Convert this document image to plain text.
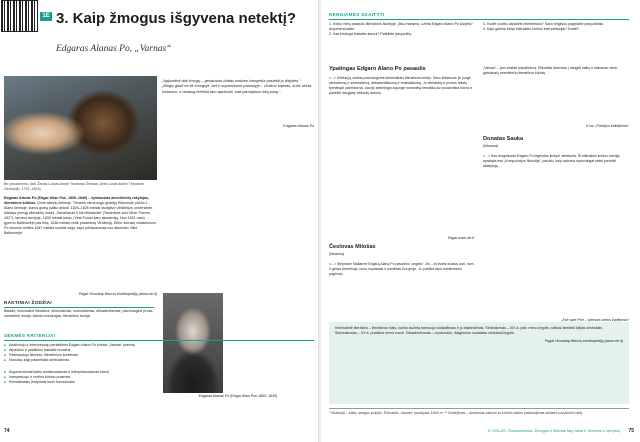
1E 3. Kaip žmogus išgyvena netektį?
Edgaras Alanas Po, „Varnas“
Be pavadinimo; dail. Žanas Luisas Andrė Teodoras Žerikas (Jean Louis André Théodore Géricault), 1791–1824)
„Apjuodinti didį žmogų – geriausias būdas mažam žmogeliui pasiekti jo didybės.“
„Blogis glūdi ne tik žmoguje, bet ir supančiame pasaulyje... Gražus sapnas, kuris virsta košmaru, ir nedaug tereikia tam apsisukti, kad pamatytum kitą pusę.“
Edgaras Alanas Po
Edgaras Alanas Po (Edgar Allan Poe, 1809–1849) – žymiausias amerikiečių rašytojas, literatūros kritikas. Gimė aktorių šeimoje. Tėvams mirus augo globėjų Ričmonde pirklio J. Alano šeimoje, kurios globą paliko anksti. 1825–1826 metais studijavo Virdžinijos universitete. Išleidęs pirmąjį eilėraščių rinkinį „Tamerlanas ir kiti eilėraščiai“ (Tamerlane and Other Poems, 1827), tarnavo armijoje, 1830 metais įstojo į Vest Pointo karo akademiją. Nuo 1831 metų gyveno Baltimorėje pas tetą. 1836 metais vedė pusseserę Virdžiniją. Dirbo žurnalų redaktoriumi. Po žmonos mirties 1847 metais sunkiai sirgo, tapo priklausomas nuo alkoholio. Mirė Baltimorėje.
Pagal Visuotinę lietuvių enciklopediją (www.vle.lt)
Edgaras Alanas Po (Edgar Allan Poe 1809–1849)
RAKTINIAI ŽODŽIAI
Baladė, kriminalinė literatūra, simbolizmas, siurrealizmas, dekadentizmas, psichologinė proza, romantinė ironija, vidinis monologas, literatūros teorija.
SĖKMĖS KRITERIJAI
■ Analizuoju ir interpretuoju perkeltinės Edgaro Alano Po kūrinio „Varnas“ prasmę
■ Atpažįstu ir paaiškinu baladės bruožus
■ Pasinaudoju istoriniu, literatūriniu kontekstu
■ Nurodau kaip pasireiškia simbolizmas
■ Argumentuotai kalbu analizuodamas ir interpretuodamas kūrinį
■ Interpretuoju ir vertinu kūrinio prasmes
■ Remdamasis įrodymais kuriu formuluotes
74
RENGIAMĖS SKAITYTI
1. Kokių vietų pasaulio literatūros istorijoje, jūsų manymu, užima Edgaro Alano Po kūryba? Argumentuokite.
2. Kas būdinga baladės žanrui? Pateikite pavyzdžių.
3. Kodėl svarbu atpažinti intertekstus? Savo teiginius pagrįskite pavyzdžiais.
4. Kaip galima kelyti eilėraščio kūrinio interpretacijai? Kodėl?
Ypatingas Edgaro Alano Po pasaulis
<...> Kritikai ją vadina psichologinės kriminalinės literatūros kūrėju. Savo tekstuose jis jungė simbolizmą ir siurrealizmą, dekadentiškumą ir realistiškumą. Jo eilėraščių ir prozos tekstų tyrinėtojai pabrėžia tai, kad jis sėkmingai sujungė romantinę tematiką su novatoriška forma ir paveikė daugybę vėlesnių autorių.
Pagal www.vle.lt
Česlovas Milošas
(Ištrauka)
<...> Stephane Mallarme Edgarą Alaną Po pavadino „angelu“. Jis – ta šviesi dvasia, kuri, nors ir gimęs Amerikoje, buvo suprastas ir įvertintas Europoje. Jo poetika tapo modernizmo pagrindu.
„Varnas“ – jam atnešė pripažinimą. Eilėraštis išverstas į daugelį kalbų ir laikomas vienu garsiausių amerikiečių literatūros kūrinių.
K.Iso „Poezijos kalbėjimas“
Donatas Sauka
(Ištrauka)
<...> Kas renginiuose Edgaro Po legendos įkvėpti, tebekuria. Ši eilėraščio kūrimo istorija, aprašyta esė „Kompozicijos filosofija“, parodo, kaip autorius sąmoningai siekė paveikti skaitytoją.
„Esė apie Poe – tyliosios sielos žydėjimas“
Kriminalinė literatūra – literatūros rūšis, kurios siužetą formuoja nusikaltimas ir jo atskleidimas. Simbolizmas – XIX a. pab. meno kryptis, siekusi išreikšti idėjas simboliais. Siurrealizmas – XX a. pradžios meno srovė. Dekadentizmas – nuosmukio, išsigimimo nuotaikas reiškianti kryptis.
Pagal Visuotinę lietuvių enciklopediją (www.vle.lt)
* Mutacija – kaita, staigus pokytis. Eilėraštis „Varnas“ parašytas 1845 m. ** Kartėjimas – skiriamas sakinio ar kūrinio dalies pakartojimas siekiant paryškinti mintį.
II CIKLAS. Romantizmas. Žmogus ir likimas tarp ideal ir tikrovės ir vertybių 75
